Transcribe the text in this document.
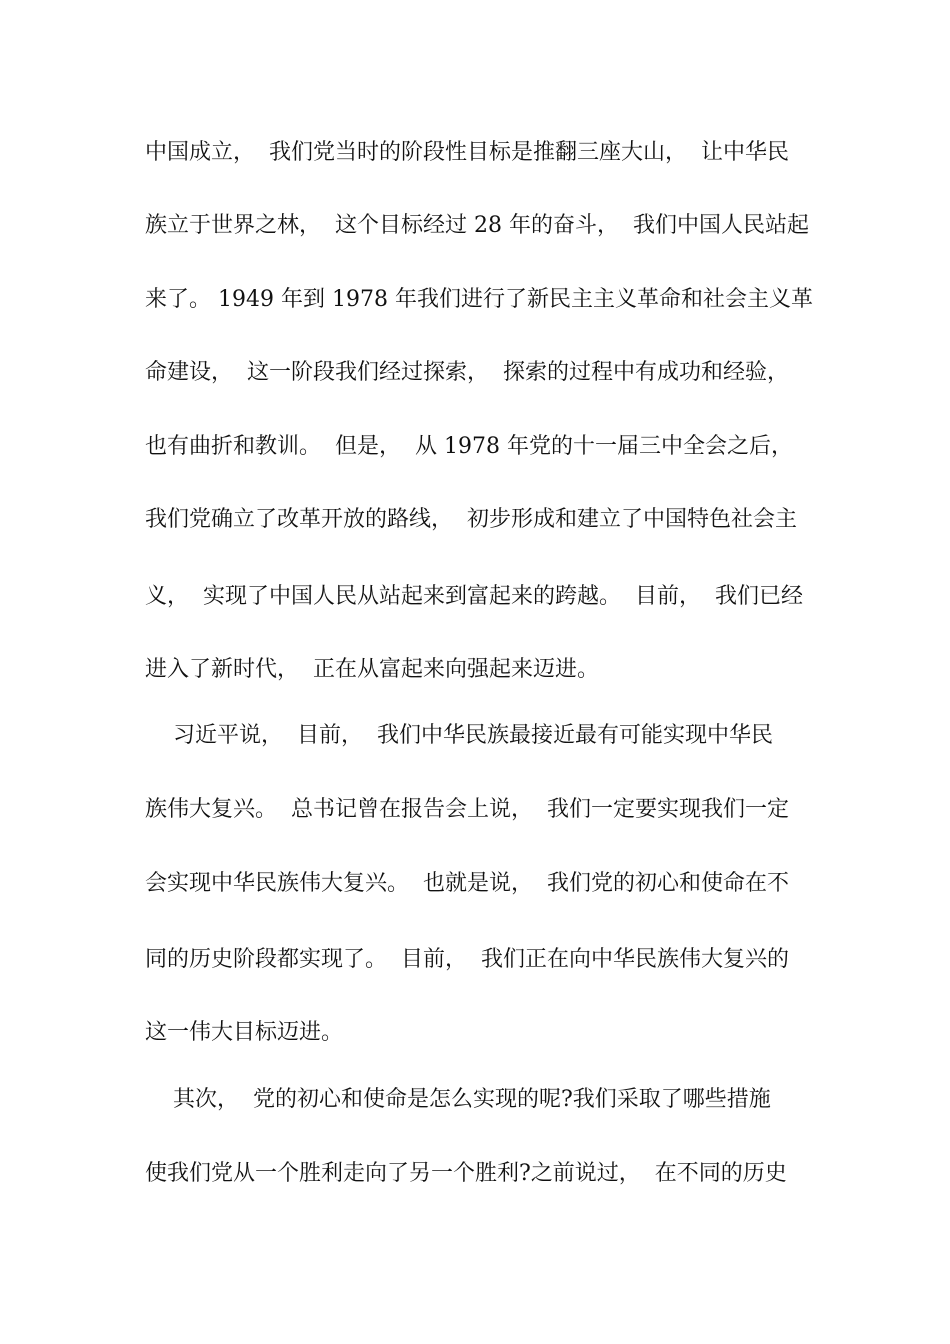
中国成立，  我们党当时的阶段性目标是推翻三座大山，  让中华民
族立于世界之林，  这个目标经过 28 年的奋斗，  我们中国人民站起
来了。 1949 年到 1978 年我们进行了新民主主义革命和社会主义革
命建设，  这一阶段我们经过探索，  探索的过程中有成功和经验，
也有曲折和教训。  但是，  从 1978 年党的十一届三中全会之后，
我们党确立了改革开放的路线，  初步形成和建立了中国特色社会主
义，  实现了中国人民从站起来到富起来的跨越。  目前，  我们已经
进入了新时代，  正在从富起来向强起来迈进。
习近平说，  目前，  我们中华民族最接近最有可能实现中华民
族伟大复兴。  总书记曾在报告会上说，  我们一定要实现我们一定
会实现中华民族伟大复兴。  也就是说，  我们党的初心和使命在不
同的历史阶段都实现了。  目前，  我们正在向中华民族伟大复兴的
这一伟大目标迈进。
其次，  党的初心和使命是怎么实现的呢?我们采取了哪些措施
使我们党从一个胜利走向了另一个胜利?之前说过，  在不同的历史
